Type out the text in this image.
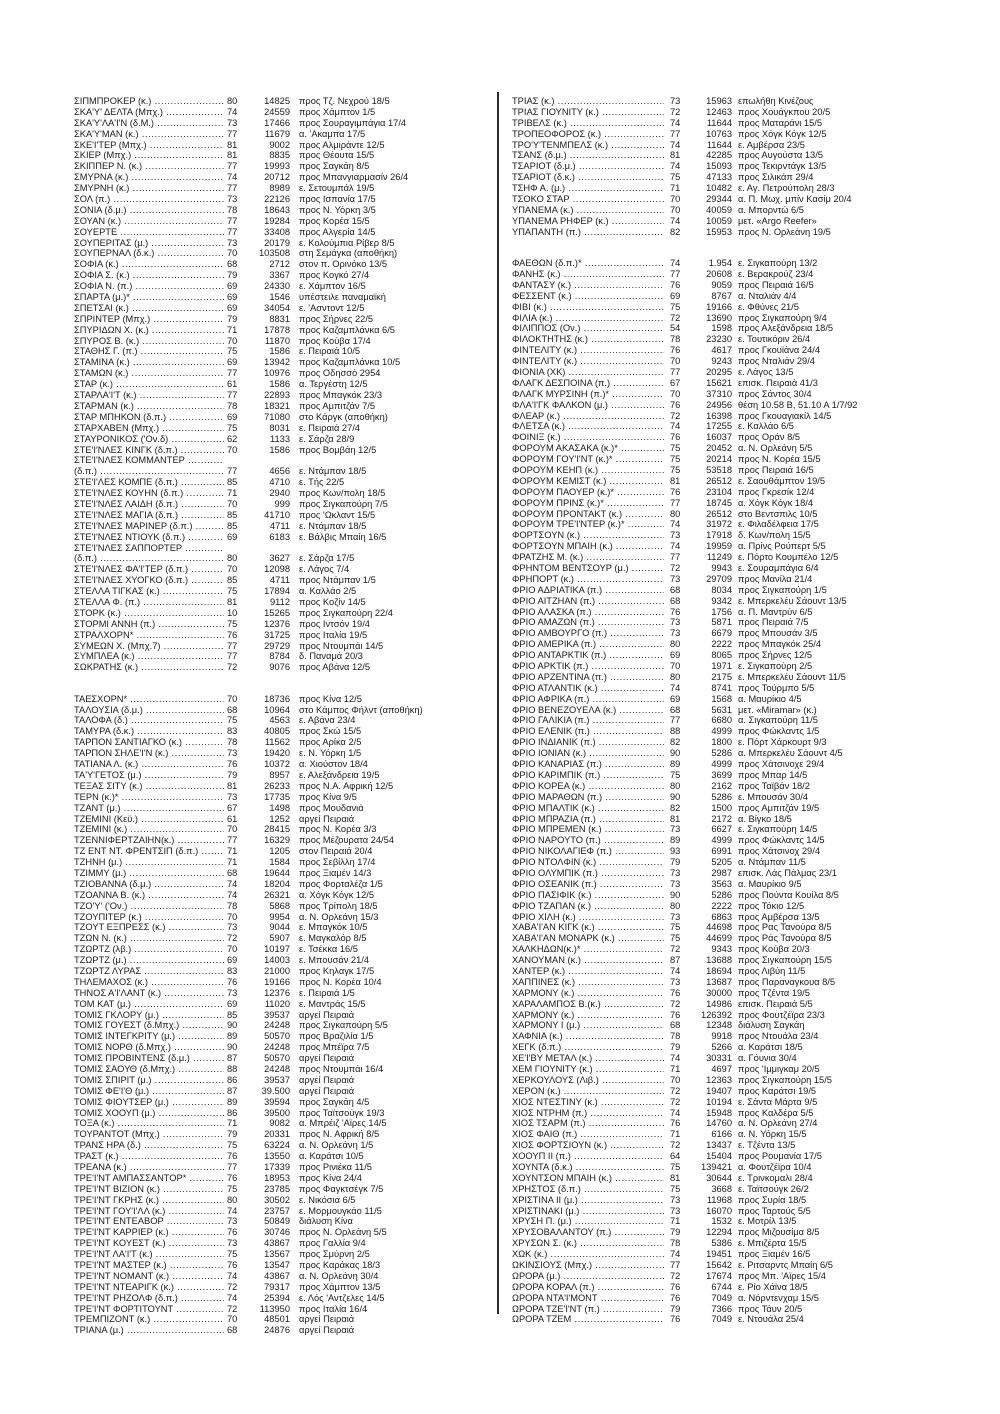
ΣΙΠΜΠΡΟΚΕΡ (κ.) .....	80	14825 προς Τζ. Νεχρού 18/5
ΣΚΑ'Υ' ΔΕΛΤΑ (Μπχ.) .....	74	24559 προς Χάμπτον 1/5
ΣΚΑ'Υ'ΛΑ'Ι'Ν (δ.Μ.) .....	73	17466 προς Σουραγιμπάγια 17/4
ΣΚΑ'Υ'ΜΑΝ (κ.) .....	77	11679 α. 'Ακαμπα 17/5
ΣΚΕ'Ι'ΤΕΡ (Μπχ.) .....	81	9002 προς Αλμιράντε 12/5
ΣΚΙΕΡ (Μπχ.) .....	81	8835 προς Θέουτα 15/5
ΣΚΙΠΠΕΡ Ν. (κ.) .....	77	19993 προς Σαγκάη 8/5
ΣΜΥΡΝΑ (κ.) .....	74	20712 προς Μπανγιαρμασίν 26/4
ΣΜΥΡΝΗ (κ.) .....	77	8989 ε. Σετουμπάλ 19/5
ΣΟΛ (π.) .....	73	22126 προς Ισπανία 17/5
ΣΟΝΙΑ (δ.μ.) .....	78	18643 προς Ν. Υόρκη 3/5
ΣΟΥΑΝ (κ.) .....	77	19284 προς Κορέα 15/5
ΣΟΥΕΡΤΕ .....	77	33408 προς Αλγερία 14/5
ΣΟΥΠΕΡΙΤΑΣ (μ.) .....	73	20179 ε. Κολούμπια Ρίβερ 8/5
ΣΟΥΠΕΡΝΑΛ (δ.κ.) .....	70	103508 στη Σεμάγκα (αποθήκη)
ΣΟΦΙΑ (κ.) .....	68	2712 στον π. Ορινόκο 13/5
ΣΟΦΙΑ Σ. (κ.) .....	79	3367 προς Κογκό 27/4
ΣΟΦΙΑ Ν. (π.) .....	69	24330 ε. Χάμπτον 16/5
ΣΠΑΡΤΑ (μ.)* .....	69	1546 υπέστειλε παναμαϊκή
ΣΠΕΤΣΑΙ (κ.) .....	69	34054 ε. 'Ασντοντ 12/5
ΣΠΡΙΝΤΕΡ (Μπχ.) .....	79	8831 προς Σήρνες 22/5
ΣΠΥΡΙΔΩΝ Χ. (κ.) .....	71	17878 προς Καζαμπλάνκα 6/5
ΣΠΥΡΟΣ Β. (κ.) .....	70	11870 προς Κούβα 17/4
ΣΤΑΘΗΣ Γ. (π.) .....	75	1586 ε. Πειραιά 10/5
ΣΤΑΜΙΝΑ (κ.) .....	69	13942 προς Καζαμπλάνκα 10/5
ΣΤΑΜΩΝ (κ.) .....	77	10976 προς Οδησσό 2954
ΣΤΑΡ (κ.) .....	61	1586 α. Τεργέστη 12/5
ΣΤΑΡΛΑ'Ι'Τ (κ.) .....	77	22893 προς Μπαγκόκ 23/3
ΣΤΑΡΜΑΝ (κ.) .....	78	18321 προς Αμπιτζάν 7/5
ΣΤΑΡ ΜΠΗΚΟΝ (δ.π.) .....	69	71080 στο Κάργκ (αποθήκη)
ΣΤΑΡΧΑΒΕΝ (Μπχ.) .....	75	8031 ε. Πειραιά 27/4
ΣΤΑΥΡΟΝΙΚΟΣ ('Ον.δ) .....	62	1133 ε. Σάρζα 28/9
ΣΤΕ'Ι'ΝΛΕΣ ΚΙΝΓΚ (δ.π.) .....	70	1586 προς Βομβάη 12/5
ΣΤΕ'Ι'ΝΛΕΣ ΚΟΜΜΑΝΤΕΡ .....
(δ.π.) .....	77	4656 ε. Ντάμπαν 18/5
ΣΤΕ'Ι'ΛΕΣ ΚΟΜΠΕ (δ.π.) .....	85	4710 ε. Τής 22/5
ΣΤΕ'Ι'ΝΛΕΣ ΚΟΥΗΝ (δ.π.) .....	71	2940 προς Κων/πολη 18/5
ΣΤΕ'Ι'ΝΛΕΣ ΛΑΙΔΗ (δ.π.) .....	70	999 προς Σιγκαπούρη 7/5
ΣΤΕ'Ι'ΝΛΕΣ ΜΑΓΙΑ (δ.π.) .....	85	41710 προς 'Ωκλαντ 15/5
ΣΤΕ'Ι'ΝΛΕΣ ΜΑΡΙΝΕΡ (δ.π.) .....	85	4711 ε. Ντάμπαν 18/5
ΣΤΕ'Ι'ΝΛΕΣ ΝΤΙΟΥΚ (δ.π.) .....	69	6183 ε. Βάλβις Μπαίη 16/5
ΣΤΕ'Ι'ΝΛΕΣ ΣΑΠΠΟΡΤΕΡ .....
(δ.π.) .....	80	3627 ε. Σάρζα 17/5
ΣΤΕ'Ι'ΝΛΕΣ ΦΑ'Ι'ΤΕΡ (δ.π.) .....	70	12098 ε. Λάγος 7/4
ΣΤΕ'Ι'ΝΛΕΣ ΧΥΟΓΚΟ (δ.π.) .....	85	4711 προς Ντάμπαν 1/5
ΣΤΕΛΛΑ ΤΙΓΚΑΣ (κ.) .....	75	17894 α. Καλλάο 2/5
ΣΤΕΛΛΑ Φ. (π.) .....	81	9112 προς Κοζίν 14/5
ΣΤΟΡΚ (κ.) .....	10	15265 προς Σιγκαπούρη 22/4
ΣΤΟΡΜΙ ΑΝΝΗ (π.) .....	75	12376 προς Ιντσόν 19/4
ΣΤΡΑΛΧΟΡΝ* .....	76	31725 προς Ιταλία 19/5
ΣΥΜΕΩΝ Χ. (Μπχ.7) .....	77	29729 προς Ντουμπάι 14/5
ΣΥΜΠΛΕΑ (κ.) .....	77	8784 δ. Παναμά 20/3
ΣΩΚΡΑΤΗΣ (κ.) .....	72	9076 προς Αβάνα 12/5
ΤΑΕΣΧΟΡΝ* .....	70	18736 προς Κίνα 12/5
ΤΑΛΟΥΣΙΑ (δ.μ.) .....	68	10964 στο Κάμπος Φήλντ (αποθήκη)
ΤΑΛΟΦΑ (δ.) .....	75	4563 ε. Αβάνα 23/4
ΤΑΜΥΡΑ (δ.κ.) .....	83	40805 προς Σκώ 15/5
ΤΑΡΠΟΝ ΣΑΝΤΙΑΓΚΟ (κ.) .....	78	11562 προς Αρίκα 2/5
ΤΑΡΠΟΝ ΣΗΛΕ'Ι'Ν (κ.) .....	73	19420 ε. Ν. Υόρκη 1/5
ΤΑΤΙΑΝΑ Λ. (κ.) .....	76	10372 α. Χιούστον 18/4
ΤΑ'Υ'ΓΕΤΟΣ (μ.) .....	79	8957 ε. Αλεξάνδρεια 19/5
ΤΕΞΑΣ ΣΙΤΥ (κ.) .....	81	26233 προς Ν.Α. Αφρική 12/5
ΤΕΡΝ (κ.)* .....	73	17735 προς Κίνα 9/5
ΤΖΑΝΤ (μ.) .....	67	1498 προς Μουδανιά
ΤΖΕΜΙΝΙ (Κεϋ.) .....	61	1252 αργεί Πειραιά
ΤΖΕΜΙΝΙ (κ.) .....	70	28415 προς Ν. Κορέα 3/3
ΤΖΕΝΝΙΦΕΡΤΖΑΙΗΝ(κ.) .....	77	16329 προς Μέζουρατα 24/54
ΤΖ ΕΝΤ ΝΤ. ΦΡΕΝΤΣΙΠ (δ.π.) .....	71	1205 στον Πειραιά 20/4
ΤΖΗΝΗ (μ.) .....	71	1584 προς Σεβίλλη 17/4
ΤΖΙΜΜΥ (μ.) .....	68	19644 προς Ξιαμέν 14/3
ΤΖΙΟΒΑΝΝΑ (δ.μ.) .....	74	18204 προς Φορταλέζα 1/5
ΤΖΟΑΝΝΑ Β. (κ.) .....	74	26321 α. Χόγκ Κόγκ 12/5
ΤΖΟ'Υ' ('Ον.) .....	78	5868 προς Τρίπολη 18/5
ΤΖΟΥΠΙΤΕΡ (κ.) .....	70	9954 α. Ν. Ορλεάνη 15/3
ΤΖΟΥΤ ΕΞΠΡΕΣΣ (κ.) .....	73	9044 ε. Μπαγκόκ 10/5
ΤΖΩΝ Ν. (κ.) .....	72	5907 ε. Μαγκαλόρ 8/5
ΤΖΩΡΤΖ (λβ.) .....	70	10197 ε. Τσέκκα 16/5
ΤΖΩΡΤΖ (μ.) .....	69	14003 ε. Μπουσάν 21/4
ΤΖΩΡΤΖ ΛΥΡΑΣ .....	83	21000 προς Κηλαγκ 17/5
ΤΗΛΕΜΑΧΟΣ (κ.) .....	76	19166 προς Ν. Κορέα 10/4
ΤΗΝΟΣ Α'Ι'ΛΑΝΤ (κ.) .....	73	12376 ε. Πειραιά 1/5
ΤΟΜ ΚΑΤ (μ.) .....	69	11020 ε. Μαντράς 15/5
ΤΟΜΙΣ ΓΚΛΟΡΥ (μ.) .....	85	39537 αργεί Πειραιά
ΤΟΜΙΣ ΓΟΥΕΣΤ (δ.Μπχ.) .....	90	24248 προς Σιγκαπούρη 5/5
ΤΟΜΙΣ ΙΝΤΕΓΚΡΙΤΥ (μ.) .....	89	50570 προς Βραζιλία 1/5
ΤΟΜΙΣ ΝΟΡΘ (δ.Μπχ.) .....	90	24248 προς Μπέϊρα 7/5
ΤΟΜΙΣ ΠΡΟΒΙΝΤΕΝΣ (δ.μ.) .....	87	50570 αργεί Πειραιά
ΤΟΜΙΣ ΣΑΟΥΘ (δ.Μπχ.) .....	88	24248 προς Ντουμπάι 16/4
ΤΟΜΙΣ ΣΠΙΡΙΤ (μ.) .....	86	39537 αργεί Πειραιά
ΤΟΜΙΣ ΦΕ'Ι'Θ (μ.) .....	87	39.500 αργεί Πειραιά
ΤΟΜΙΣ ΦΙΟΥΤΣΕΡ (μ.) .....	89	39594 προς Σαγκάη 4/5
ΤΟΜΙΣ ΧΟΟΥΠ (μ.) .....	86	39500 προς Ταϊτσούγκ 19/3
ΤΟΞΑ (κ.) .....	71	9082 α. Μπρέιζ 'Αϊρες 14/5
ΤΟΥΡΑΝΤΟΤ (Μπχ.) .....	79	20331 προς Ν. Αφρική 8/5
ΤΡΑΝΣ ΗΡΑ (δ.) .....	75	63224 α. Ν. Ορλεάνη 1/5
ΤΡΑΣΤ (κ.) .....	76	13550 α. Καράτσι 10/5
ΤΡΕΑΝΑ (κ.) .....	77	17339 προς Ρινιέκα 11/5
ΤΡΕ'Ι'ΝΤ ΑΜΠΑΣΣΑΝΤΟΡ* .....	76	18953 προς Κίνα 24/4
ΤΡΕ'Ι'ΝΤ ΒΙΖΙΟΝ (κ.) .....	75	23785 προς Φαγκτσέγκ 7/5
ΤΡΕ'Ι'ΝΤ ΓΚΡΗΣ (κ.) .....	80	30502 ε. Νικόσια 6/5
ΤΡΕ'Ι'ΝΤ ΓΟΥ'Ι'ΛΛ (κ.) .....	74	23757 ε. Μορμουγκάο 11/5
ΤΡΕ'Ι'ΝΤ ΕΝΤΕΑΒΟΡ .....	73	50849 διάλυση Κίνα
ΤΡΕ'Ι'ΝΤ ΚΑΡΡΙΕΡ (κ.) .....	76	30746 προς Ν. Ορλεάνη 5/5
ΤΡΕ'Ι'ΝΤ ΚΟΥΕΣΤ (κ.) .....	73	43867 προς Γαλλία 9/4
ΤΡΕ'Ι'ΝΤ ΛΑ'Ι'Τ (κ.) .....	75	13567 προς Σμύρνη 2/5
ΤΡΕ'Ι'ΝΤ ΜΑΣΤΕΡ (κ.) .....	76	13547 προς Καράκας 18/3
ΤΡΕ'Ι'ΝΤ ΝΟΜΑΝΤ (κ.) .....	74	43867 α. Ν. Ορλεάνη 30/4
ΤΡΕ'Ι'ΝΤ ΝΤΕΑΡΙΓΚ (κ.) .....	72	79317 προς Χάμπτον 13/5
ΤΡΕ'Ι'ΝΤ ΡΗΖΟΛΦ (δ.π.) .....	74	25394 ε. Λός 'Αντζελες 14/5
ΤΡΕ'Ι'ΝΤ ΦΟΡΤΙΤΟΥΝΤ .....	72	113950 προς Ιταλία 16/4
ΤΡΕΜΠΙΖΟΝΤ (κ.) .....	70	48501 αργεί Πειραιά
ΤΡΙΑΝΑ (μ.) .....	68	24876 αργεί Πειραιά
ΤΡΙΑΣ (κ.) .....	73	15963 επωλήθη Κινέζους
ΤΡΙΑΣ ΓΙΟΥΝΙΤΥ (κ.) .....	72	12463 προς Χουάγκπου 20/5
ΤΡΙΒΕΛΣ (κ.) .....	74	11644 προς Ματαράνι 15/5
ΤΡΟΠΕΟΦΟΡΟΣ (κ.) .....	77	10763 προς Χόγκ Κόγκ 12/5
ΤΡΟ'Υ'ΤΕΝΜΠΕΛΣ (κ.) .....	74	11644 ε. Αμβέρσα 23/5
ΤΣΑΝΣ (δ.μ.) .....	81	42285 προς Αυγούστα 13/5
ΤΣΑΡΙΟΤ (δ.μ.) .....	74	15093 προς Τεκιρντάγκ 13/5
ΤΣΑΡΙΟΤ (δ.κ.) .....	75	47133 προς Σιλικάπ 29/4
ΤΣΗΦ Α. (μ.) .....	71	10482 ε. Αγ. Πετρούπολη 28/3
ΤΣΟΚΟ ΣΤΑΡ .....	70	29344 α. Π. Μωχ. μπίν Κασίμ 20/4
ΥΠΑΝΕΜΑ (κ.) .....	70	40059 α. Μπορντώ 6/5
ΥΠΑΝΕΜΑ ΡΗΦΕΡ (κ.) .....	74	10059 μετ. «Argo Reefer»
ΥΠΑΠΑΝΤΗ (π.) .....	82	15953 προς Ν. Ορλεάνη 19/5
ΦΑΕΘΩΝ (δ.π.)* .....	74	1.954 ε. Σιγκαπούρη 13/2
ΦΑΝΗΣ (κ.) .....	77	20608 ε. Βερακρούζ 23/4
ΦΑΝΤΑΣΥ (κ.) .....	76	9059 προς Πειραιά 16/5
ΦΕΣΣΕΝΤ (κ.) .....	69	8767 α. Νταλιάν 4/4
ΦΙΒΙ (κ.) .....	75	19166 ε. Φθύνες 21/5
ΦΙΛΙΑ (κ.) .....	72	13690 προς Σιγκαπούρη 9/4
ΦΙΛΙΠΠΟΣ (Ον.) .....	54	1598 προς Αλεξάνδρεια 18/5
ΦΙΛΟΚΤΗΤΗΣ (κ.) .....	78	23230 ε. Τουτικόριν 26/4
ΦΙΝΤΕΛΙΤΥ (κ.) .....	76	4617 προς Γκουϊάνα 24/4
ΦΙΝΤΕΛΙΤΥ (κ.) .....	70	9243 προς Νταλιάν 29/4
ΦΙΟΝΙΑ (ΧΚ) .....	77	20295 ε. Λάγος 13/5
ΦΛΑΓΚ ΔΕΣΠΟΙΝΑ (π.) .....	67	15621 επισκ. Πειραιά 41/3
ΦΛΑΓΚ ΜΥΡΣΙΝΗ (π.)* .....	70	37310 προς Σάντος 30/4
ΦΛΑ'Ι'ΓΚ ΦΑΛΚΟΝ (μ.) .....	76	24956 θέση 10.58 Β, 51.10 Α 1/7/92
ΦΛΕΑΡ (κ.) .....	72	16398 προς Γκουαγιακίλ 14/5
ΦΛΕΤΣΑ (κ.) .....	74	17255 ε. Καλλάο 6/5
ΦΟΙΝΙΞ (κ.) .....	76	16037 προς Οράν 8/5
ΦΟΡΟΥΜ ΑΚΑΣΑΚΑ (κ.)* .....	75	20452 α. Ν. Ορλεάνη 5/5
ΦΟΡΟΥΜ ΓΟΥ'Ι'ΝΤ (κ.)* .....	75	20214 προς Ν. Κορέα 15/5
ΦΟΡΟΥΜ ΚΕΗΠ (κ.) .....	75	53518 προς Πειραιά 16/5
ΦΟΡΟΥΜ ΚΕΜΙΣΤ (κ.) .....	81	26512 ε. Σαουθάμπτον 19/5
ΦΟΡΟΥΜ ΠΑΟΥΕΡ (κ.)* .....	76	23104 προς Γκρεσίκ 12/4
ΦΟΡΟΥΜ ΠΡΙΝΣ (κ.)* .....	77	18745 α. Χόγκ Κόγκ 18/4
ΦΟΡΟΥΜ ΠΡΟΝΤΑΚΤ (κ.) .....	80	26512 στο Βεντσπιλς 10/5
ΦΟΡΟΥΜ ΤΡΕ'Ι'ΝΤΕΡ (κ.)* .....	74	31972 ε. Φιλαδέλφεια 17/5
ΦΟΡΤΣΟΥΝ (κ.) .....	73	17918 δ. Κων/πολη 15/5
ΦΟΡΤΣΟΥΝ ΜΠΑΙΗ (κ.) .....	74	19959 α. Πρίνς Ρούπερτ 5/5
ΦΡΑΤΖΗΣ Μ. (κ.) .....	77	11249 ε. Πόρτο Κουμπέλο 12/5
ΦΡΗΝΤΟΜ ΒΕΝΤΣΟΥΡ (μ.) .....	72	9943 ε. Σουραμπάγια 6/4
ΦΡΗΠΟΡΤ (κ.) .....	73	29709 προς Μανίλα 21/4
ΦΡΙΟ ΑΔΡΙΑΤΙΚΑ (π.) .....	68	8034 προς Σιγκαπούρη 1/5
ΦΡΙΟ ΑΙΤΖΗΑΝ (π.) .....	68	9342 ε. Μπερκελέυ Σάουντ 13/5
ΦΡΙΟ ΑΛΑΣΚΑ (π.) .....	76	1756 α. Π. Μαντρύν 6/5
ΦΡΙΟ ΑΜΑΖΩΝ (π.) .....	73	5871 προς Πειραιά 7/5
ΦΡΙΟ ΑΜΒΟΥΡΓΟ (π.) .....	73	6679 προς Μπουσάν 3/5
ΦΡΙΟ ΑΜΕΡΙΚΑ (π.) .....	80	2222 προς Μπαγκόκ 25/4
ΦΡΙΟ ΑΝΤΑΡΚΤΙΚ (π.) .....	69	8065 προς Σήρνες 12/5
ΦΡΙΟ ΑΡΚΤΙΚ (π.) .....	70	1971 ε. Σιγκαπούρη 2/5
ΦΡΙΟ ΑΡΖΕΝΤΙΝΑ (π.) .....	80	2175 ε. Μπερκελέυ Σάουντ 11/5
ΦΡΙΟ ΑΤΛΑΝΤΙΚ (κ.) .....	74	8741 προς Τούρμπο 5/5
ΦΡΙΟ ΑΦΡΙΚΑ (π.) .....	69	1568 α. Μαυρίκιο 4/5
ΦΡΙΟ ΒΕΝΕΖΟΥΕΛΑ (κ.) .....	68	5631 μετ. «Miramar» (κ.)
ΦΡΙΟ ΓΑΛΙΚΙΑ (π.) .....	77	6680 α. Σιγκαπούρη 11/5
ΦΡΙΟ ΕΛΕΝΙΚ (π.) .....	88	4999 προς Φώκλαντς 1/5
ΦΡΙΟ ΙΝΔΙΑΝΙΚ (π.) .....	82	1800 ε. Πόρτ Χάρκουρτ 9/3
ΦΡΙΟ ΙΟΝΙΑΝ (κ.) .....	90	5286 α. Μπερκελέυ Σάουντ 4/5
ΦΡΙΟ ΚΑΝΑΡΙΑΣ (π.) .....	89	4999 προς Χάτσινοχε 29/4
ΦΡΙΟ ΚΑΡΙΜΠΙΚ (π.) .....	75	3699 προς Μπαρ 14/5
ΦΡΙΟ ΚΟΡΕΑ (κ.) .....	80	2162 προς Ταϊβάν 18/2
ΦΡΙΟ ΜΑΡΑΘΩΝ (π.) .....	90	5286 ε. Μπουσάν 30/4
ΦΡΙΟ ΜΠΑΛΤΙΚ (κ.) .....	82	1500 προς Αμπιτζάν 19/5
ΦΡΙΟ ΜΠΡΑΖΙΑ (π.) .....	81	2172 α. Βίγκο 18/5
ΦΡΙΟ ΜΠΡΕΜΕΝ (κ.) .....	73	6627 ε. Σιγκαπούρη 14/5
ΦΡΙΟ ΝΑΡΟΥΤΟ (π.) .....	89	4999 προς Φώκλαντς 14/5
ΦΡΙΟ ΝΙΚΟΛΑΓΙΕΦ (π.) .....	93	6991 προς Χάτσινοχ 29/4
ΦΡΙΟ ΝΤΟΛΦΙΝ (κ.) .....	79	5205 α. Ντάμπαν 11/5
ΦΡΙΟ ΟΛΥΜΠΙΚ (π.) .....	73	2987 επισκ. Λάς Πάλμας 23/1
ΦΡΙΟ ΟΣΕΑΝΙΚ (π.) .....	73	3563 α. Μαυρίκιο 9/5
ΦΡΙΟ ΠΑΣΙΦΙΚ (κ.) .....	90	5286 προς Πούντα Κουίλα 8/5
ΦΡΙΟ ΤΖΑΠΑΝ (κ.) .....	80	2222 προς Τόκιο 12/5
ΦΡΙΟ ΧΙΛΗ (κ.) .....	73	6863 προς Αμβέρσα 13/5
ΧΑΒΑ'Ι'ΑΝ ΚΙΓΚ (κ.) .....	75	44698 προς Ρας Τανούρα 8/5
ΧΑΒΑ'Ι'ΑΝ ΜΟΝΑΡΚ (κ.) .....	75	44699 προς Ράς Τανούρα 8/5
ΧΑΛΚΗΔΩΝ(κ.)* .....	72	9343 προς Κούβα 20/3
ΧΑΝΟΥΜΑΝ (κ.) .....	87	13688 προς Σιγκαπούρη 15/5
ΧΑΝΤΕΡ (κ.) .....	74	18694 προς Λιβύη 11/5
ΧΑΠΠΙΝΕΣ (κ.) .....	73	13687 προς Παραναγκουα 8/5
ΧΑΡΜΟΝΥ (κ.) .....	76	30000 προς Τζέντα 19/5
ΧΑΡΑΛΑΜΠΟΣ Β.(κ.) .....	72	14986 επισκ. Πειραιά 5/5
ΧΑΡΜΟΝΥ (κ.) .....	76	126392 προς Φουτζέϊρα 23/3
ΧΑΡΜΟΝΥ Ι (μ.) .....	68	12348 διάλυση Σαγκάη
ΧΑΦΝΙΑ (κ.) .....	78	9918 προς Ντουάλα 23/4
ΧΕΓΚ (δ.π.) .....	79	5266 α. Καράτσι 18/5
ΧΕ'Ι'ΒΥ ΜΕΤΑΛ (κ.) .....	74	30331 α. Γόυνια 30/4
ΧΕΜ ΓΙΟΥΝΙΤΥ (κ.) .....	71	4697 προς 'Ιμμιγκαμ 20/5
ΧΕΡΚΟΥΛΟΥΣ (Λιβ.) .....	70	12363 προς Σιγκαπούρη 15/5
ΧΕΡΟΝ (κ.) .....	72	19407 προς Καράτσι 19/5
ΧΙΟΣ ΝΤΕΣΤΙΝΥ (κ.) .....	72	10194 ε. Σάντα Μάρτα 9/5
ΧΙΟΣ ΝΤΡΗΜ (π.) .....	74	15948 προς Καλδέρα 5/5
ΧΙΟΣ ΤΣΑΡΜ (π.) .....	76	14760 α. Ν. Ορλεάνη 27/4
ΧΙΟΣ ΦΑΙΘ (π.) .....	71	6166 α. Ν. Υόρκη 15/5
ΧΙΟΣ ΦΟΡΤΣΙΟΥΝ (κ.) .....	72	13437 ε. Τζέντα 13/5
ΧΟΟΥΠ ΙΙ (π.) .....	64	15404 προς Ρουμανία 17/5
ΧΟΥΝΤΑ (δ.κ.) .....	75	139421 α. Φουτζέϊρα 10/4
ΧΟΥΝΤΣΟΝ ΜΠΑΙΗ (κ.) .....	81	30644 ε. Τρινκομαλι 28/4
ΧΡΗΣΤΟΣ (δ.π.) .....	75	3668 ε. Ταϊτσούγκ 26/2
ΧΡΙΣΤΙΝΑ ΙΙ (μ.) .....	73	11968 προς Συρία 18/5
ΧΡΙΣΤΙΝΑΚΙ (μ.) .....	73	16070 προς Ταρτούς 5/5
ΧΡΥΣΗ Π. (μ.) .....	71	1532 ε. Μοτρίλ 13/5
ΧΡΥΣΟΒΑΛΑΝΤΟΥ (π.) .....	79	12294 προς Μιζουσίμα 8/5
ΧΡΥΣΩΝ Σ. (κ.) .....	78	5386 ε. Μπιζέρτα 15/5
ΧΩΚ (κ.) .....	74	19451 προς Ξιαμέν 16/5
ΩΚΙΝΣΙΟΥΣ (Μπχ.) .....	77	15642 ε. Ριτσαρντς Μπαίη 6/5
ΩΡΟΡΑ (μ.) .....	72	17674 προς Μπ. 'Αϊρες 15/4
ΩΡΟΡΑ ΚΟΡΑΛ (π.) .....	76	6744 ε. Ρίο Χάϊνα 18/5
ΩΡΟΡΑ ΝΤΑ'Ι'ΜΟΝΤ .....	76	7049 α. Νόρντενχαμ 15/5
ΩΡΟΡΑ ΤΖΕ'Ι'ΝΤ (π.) .....	79	7366 προς Τάυν 20/5
ΩΡΟΡΑ ΤΖΕΜ .....	76	7049 ε. Ντουάλα 25/4
